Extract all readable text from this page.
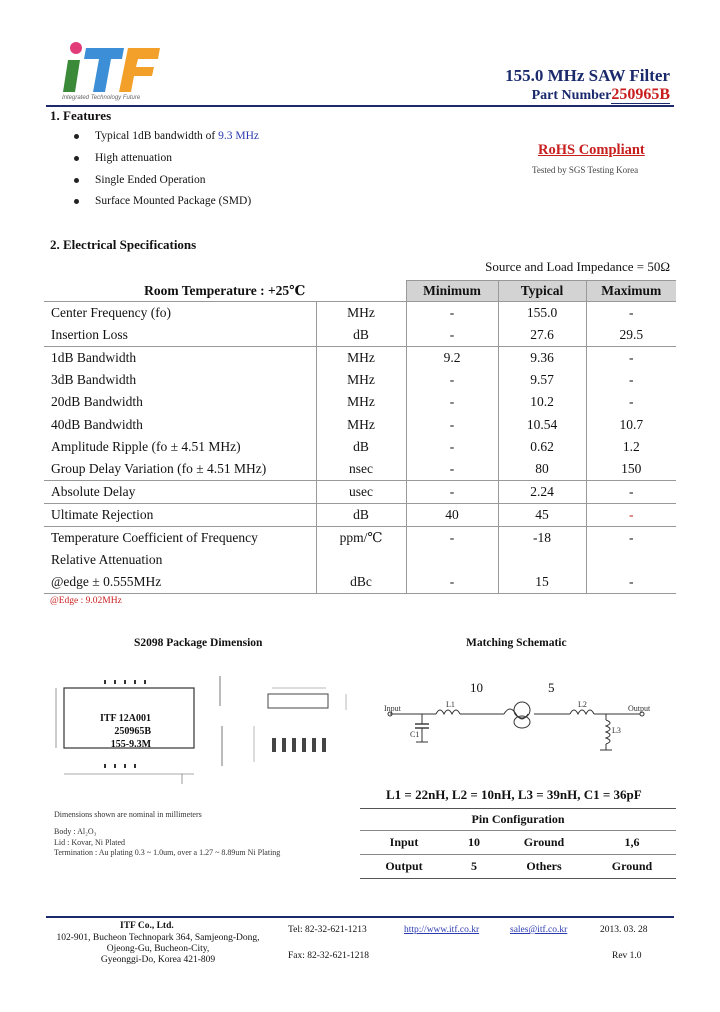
Integrated Technology Future
155.0 MHz SAW Filter
Part Number250965B
1. Features
Typical 1dB bandwidth of 9.3 MHz
High attenuation
Single Ended Operation
Surface Mounted Package (SMD)
RoHS Compliant
Tested by SGS Testing Korea
2. Electrical Specifications
Source and Load Impedance = 50Ω
Room Temperature : +25℃		Minimum	Typical	Maximum
Center Frequency (fo)	MHz	-	155.0	-
Insertion Loss	dB	-	27.6	29.5
1dB Bandwidth	MHz	9.2	9.36	-
3dB Bandwidth	MHz	-	9.57	-
20dB Bandwidth	MHz	-	10.2	-
40dB Bandwidth	MHz	-	10.54	10.7
Amplitude Ripple (fo ± 4.51 MHz)	dB	-	0.62	1.2
Group Delay Variation (fo ± 4.51 MHz)	nsec	-	80	150
Absolute Delay	usec	-	2.24	-
Ultimate Rejection	dB	40	45	-
Temperature Coefficient of Frequency	ppm/℃	-	-18	-
Relative Attenuation				
@edge ± 0.555MHz	dBc	-	15	-
@Edge : 9.02MHz
S2098 Package Dimension
ITF 12A001
250965B
155-9.3M
Dimensions shown are nominal in millimeters
Body : Al₂O₃
Lid : Kovar, Ni Plated
Termination : Au plating 0.3 ~ 1.0um, over a 1.27 ~ 8.89um Ni Plating
Matching Schematic
10	5
Input	Output
C1
L1	L2
L3
L1 = 22nH, L2 = 10nH, L3 = 39nH, C1 = 36pF
Pin Configuration			
Input	10	Ground	1,6
Output	5	Others	Ground
ITF Co., Ltd.
102-901, Bucheon Technopark 364, Samjeong-Dong,
Ojeong-Gu, Bucheon-City,
Gyeonggi-Do, Korea 421-809
Tel: 82-32-621-1213
Fax: 82-32-621-1218
http://www.itf.co.kr	sales@itf.co.kr	2013. 03. 28
Rev 1.0
